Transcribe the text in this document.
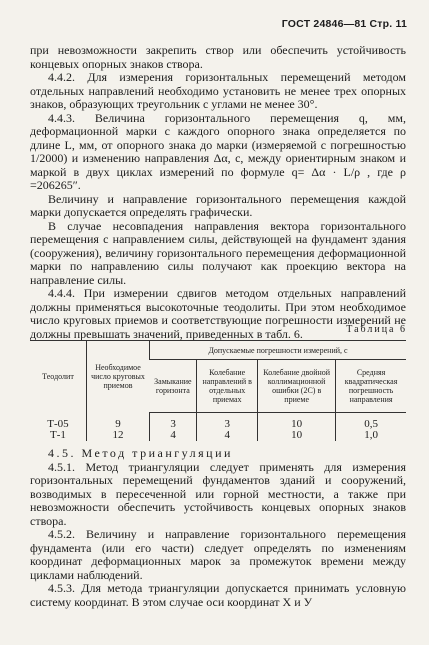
ГОСТ 24846—81 Стр. 11

при невозможности закрепить створ или обеспечить устойчивость концевых опорных знаков створа.

4.4.2. Для измерения горизонтальных перемещений методом отдельных направлений необходимо установить не менее трех опорных знаков, образующих треугольник с углами не менее 30°.

4.4.3. Величина горизонтального перемещения q, мм, деформационной марки с каждого опорного знака определяется по длине L, мм, от опорного знака до марки (измеряемой с погрешностью 1/2000) и изменению направления Δα, с, между ориентирным знаком и маркой в двух циклах измерений по формуле q= Δα · L/ρ , где ρ =206265″.

Величину и направление горизонтального перемещения каждой марки допускается определять графически.

В случае несовпадения направления вектора горизонтального перемещения с направлением силы, действующей на фундамент здания (сооружения), величину горизонтального перемещения деформационной марки по направлению силы получают как проекцию вектора на направление силы.

4.4.4. При измерении сдвигов методом отдельных направлений должны применяться высокоточные теодолиты. При этом необходимое число круговых приемов и соответствующие погрешности измерений не должны превышать значений, приведенных в табл. 6.	Таблица 6
Теодолит	Необходимое число круговых приемов	Допускаемые погрешности измерений, с			
		Замыкание горизонта	Колебание направлений в отдельных приемах	Колебание двойной коллимационной ошибки (2С) в приеме	Средняя квадратическая погрешность направления
Т-05	9	3	3	10	0,5
Т-1	12	4	4	10	1,0

4.5. Метод триангуляции

4.5.1. Метод триангуляции следует применять для измерения горизонтальных перемещений фундаментов зданий и сооружений, возводимых в пересеченной или горной местности, а также при невозможности обеспечить устойчивость концевых опорных знаков створа.

4.5.2. Величину и направление горизонтального перемещения фундамента (или его части) следует определять по изменениям координат деформационных марок за промежуток времени между циклами наблюдений.

4.5.3. Для метода триангуляции допускается принимать условную систему координат. В этом случае оси координат X и У
